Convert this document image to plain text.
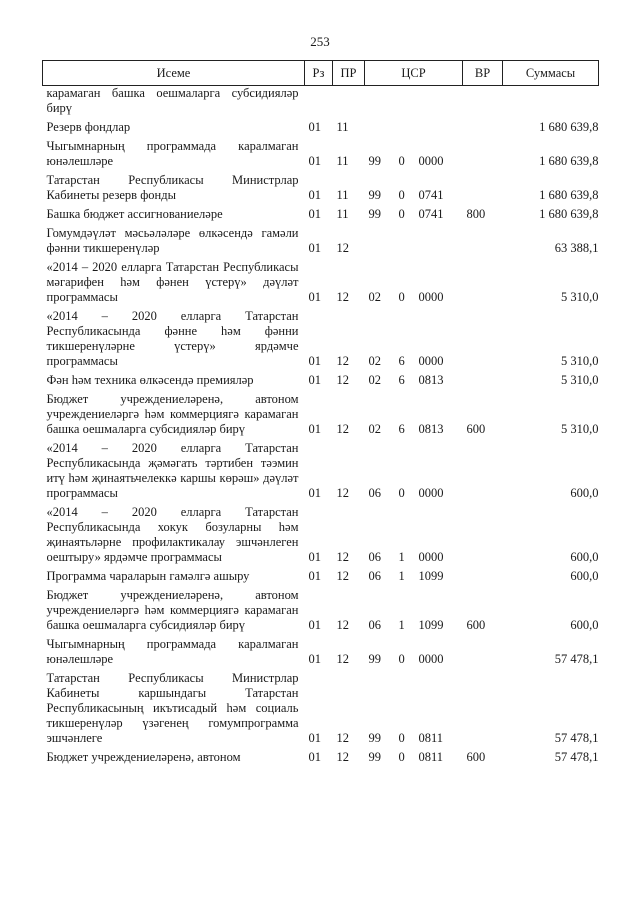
253
Исеме	Рз	ПР	ЦСР			ВР	Суммасы
карамаган башка оешмаларга субсидияләр бирү							
Резерв фондлар	01	11					1 680 639,8
Чыгымнарның программада каралмаган юнәлешләре	01	11	99	0	0000		1 680 639,8
Татарстан Республикасы Министрлар Кабинеты резерв фонды	01	11	99	0	0741		1 680 639,8
Башка бюджет ассигнованиеләре	01	11	99	0	0741	800	1 680 639,8
Гомумдәүләт мәсьәләләре өлкәсендә гамәли фәнни тикшеренүләр	01	12					63 388,1
«2014 – 2020 елларга Татарстан Республикасы мәгарифен һәм фәнен үстерү» дәүләт программасы	01	12	02	0	0000		5 310,0
«2014 – 2020 елларга Татарстан Республикасында фәнне һәм фәнни тикшеренүләрне үстерү» ярдәмче программасы	01	12	02	6	0000		5 310,0
Фән һәм техника өлкәсендә премияләр	01	12	02	6	0813		5 310,0
Бюджет учреждениеләренә, автоном учреждениеләргә һәм коммерциягә карамаган башка оешмаларга субсидияләр бирү	01	12	02	6	0813	600	5 310,0
«2014 – 2020 елларга Татарстан Республикасында җәмәгать тәртибен тәэмин итү һәм җинаятьчелеккә каршы көрәш» дәүләт программасы	01	12	06	0	0000		600,0
«2014 – 2020 елларга Татарстан Республикасында хокук бозуларны һәм җинаятьләрне профилактикалау эшчәнлеген оештыру» ярдәмче программасы	01	12	06	1	0000		600,0
Программа чараларын гамәлгә ашыру	01	12	06	1	1099		600,0
Бюджет учреждениеләренә, автоном учреждениеләргә һәм коммерциягә карамаган башка оешмаларга субсидияләр бирү	01	12	06	1	1099	600	600,0
Чыгымнарның программада каралмаган юнәлешләре	01	12	99	0	0000		57 478,1
Татарстан Республикасы Министрлар Кабинеты каршындагы Татарстан Республикасының икътисадый һәм социаль тикшеренүләр үзәгенең гомумпрограмма эшчәнлеге	01	12	99	0	0811		57 478,1
Бюджет учреждениеләренә, автоном	01	12	99	0	0811	600	57 478,1
